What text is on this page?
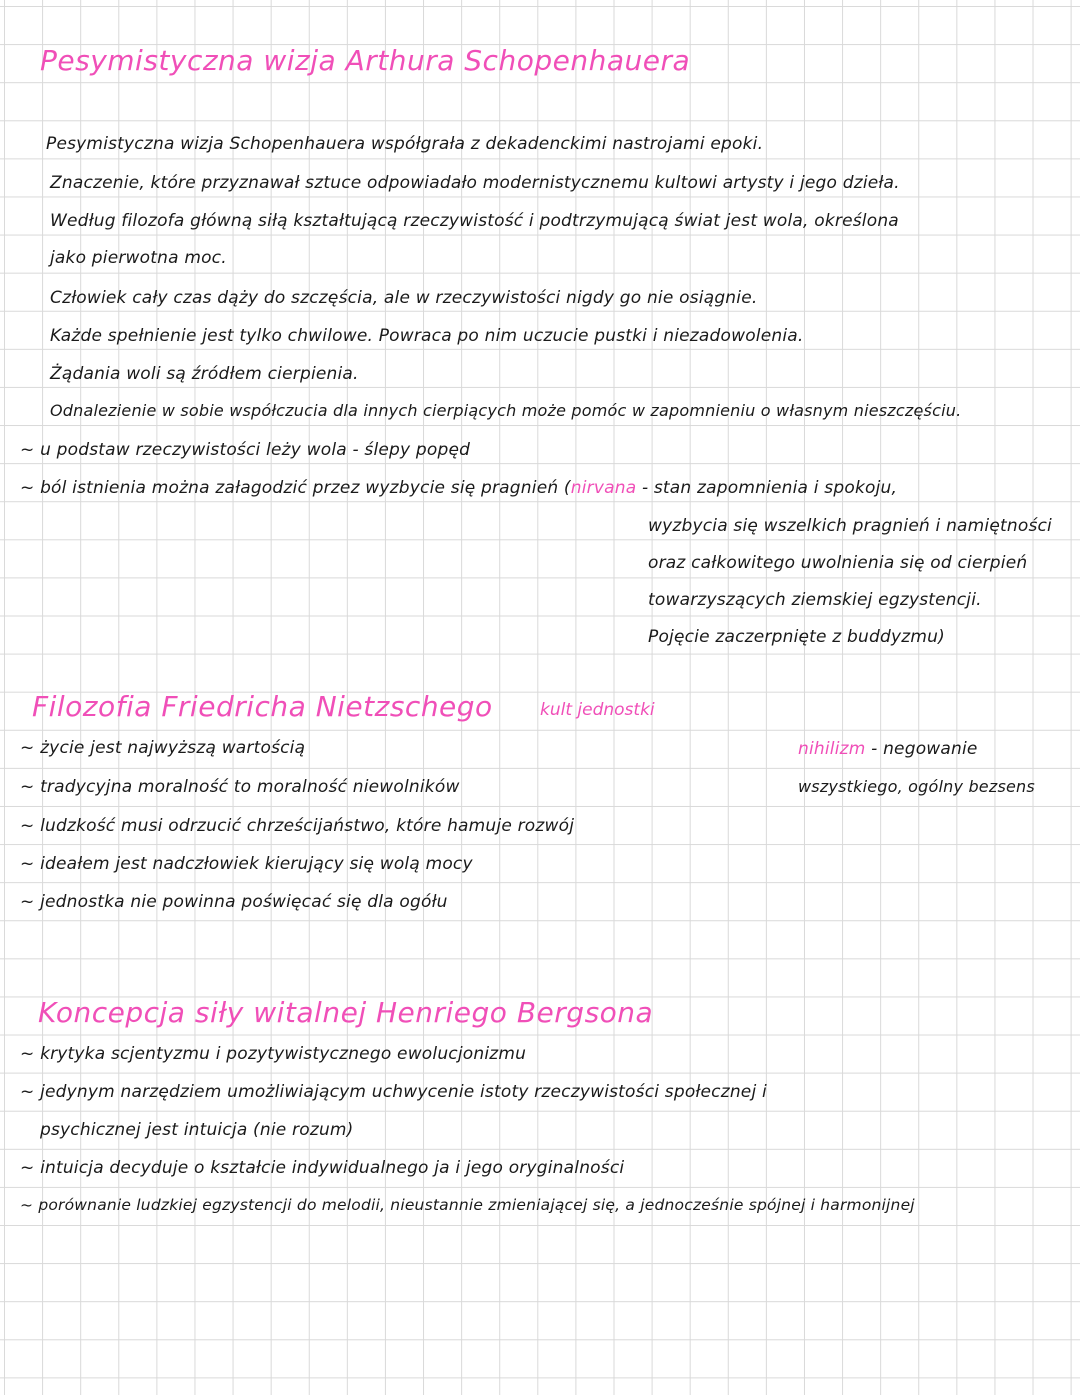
Pesymistyczna wizja Arthura Schopenhauera

Pesymistyczna wizja Schopenhauera współgrała z dekadenckimi nastrojami epoki.

Znaczenie, które przyznawał sztuce odpowiadało modernistycznemu kultowi artysty i jego dzieła.

Według filozofa główną siłą kształtującą rzeczywistość i podtrzymującą świat jest wola, określona

jako pierwotna moc.

Człowiek cały czas dąży do szczęścia, ale w rzeczywistości nigdy go nie osiągnie.

Każde spełnienie jest tylko chwilowe. Powraca po nim uczucie pustki i niezadowolenia.

Żądania woli są źródłem cierpienia.

Odnalezienie w sobie współczucia dla innych cierpiących może pomóc w zapomnieniu o własnym nieszczęściu.

~ u podstaw rzeczywistości leży wola - ślepy popęd

~ ból istnienia można załagodzić przez wyzbycie się pragnień (nirvana - stan zapomnienia i spokoju,

wyzbycia się wszelkich pragnień i namiętności

oraz całkowitego uwolnienia się od cierpień

towarzyszących ziemskiej egzystencji.

Pojęcie zaczerpnięte z buddyzmu)

Filozofia Friedricha Nietzschego	kult jednostki

~ życie jest najwyższą wartością

~ tradycyjna moralność to moralność niewolników

~ ludzkość musi odrzucić chrześcijaństwo, które hamuje rozwój

~ ideałem jest nadczłowiek kierujący się wolą mocy

~ jednostka nie powinna poświęcać się dla ogółu

nihilizm - negowanie

wszystkiego, ogólny bezsens

Koncepcja siły witalnej Henriego Bergsona

~ krytyka scjentyzmu i pozytywistycznego ewolucjonizmu

~ jedynym narzędziem umożliwiającym uchwycenie istoty rzeczywistości społecznej i

psychicznej jest intuicja (nie rozum)

~ intuicja decyduje o kształcie indywidualnego ja i jego oryginalności

~ porównanie ludzkiej egzystencji do melodii, nieustannie zmieniającej się, a jednocześnie spójnej i harmonijnej
